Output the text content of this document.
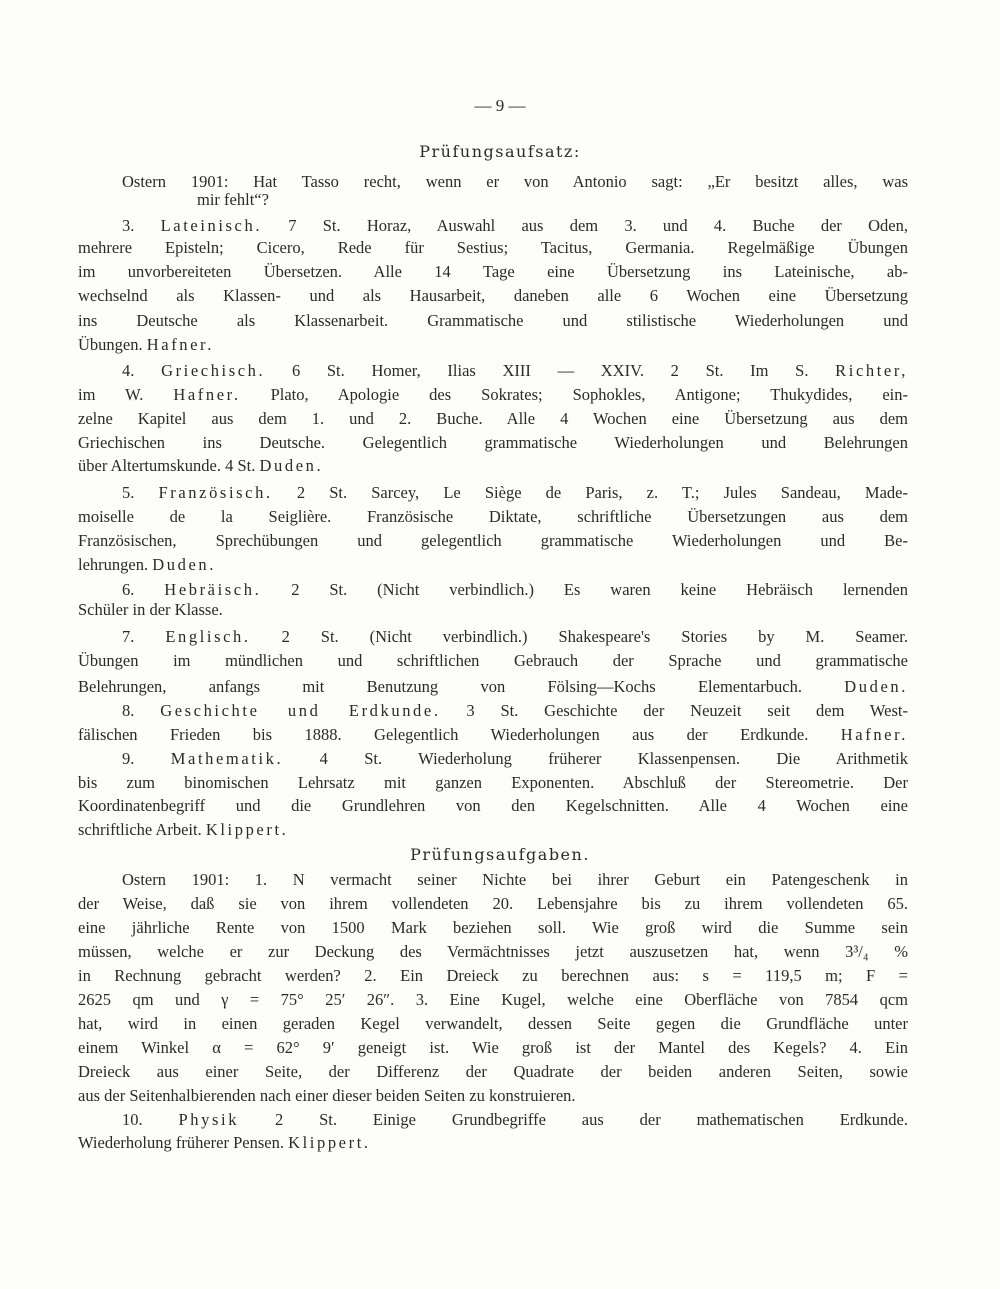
— 9 —
Prüfungsaufsatz:
Ostern 1901: Hat Tasso recht, wenn er von Antonio sagt: „Er besitzt alles, was
mir fehlt“?
3. Lateinisch. 7 St. Horaz, Auswahl aus dem 3. und 4. Buche der Oden,
mehrere Episteln; Cicero, Rede für Sestius; Tacitus, Germania. Regelmäßige Übungen
im unvorbereiteten Übersetzen. Alle 14 Tage eine Übersetzung ins Lateinische, ab-
wechselnd als Klassen- und als Hausarbeit, daneben alle 6 Wochen eine Übersetzung
ins Deutsche als Klassenarbeit. Grammatische und stilistische Wiederholungen und
Übungen. Hafner.
4. Griechisch. 6 St. Homer, Ilias XIII — XXIV. 2 St. Im S. Richter,
im W. Hafner. Plato, Apologie des Sokrates; Sophokles, Antigone; Thukydides, ein-
zelne Kapitel aus dem 1. und 2. Buche. Alle 4 Wochen eine Übersetzung aus dem
Griechischen ins Deutsche. Gelegentlich grammatische Wiederholungen und Belehrungen
über Altertumskunde. 4 St. Duden.
5. Französisch. 2 St. Sarcey, Le Siège de Paris, z. T.; Jules Sandeau, Made-
moiselle de la Seiglière. Französische Diktate, schriftliche Übersetzungen aus dem
Französischen, Sprechübungen und gelegentlich grammatische Wiederholungen und Be-
lehrungen. Duden.
6. Hebräisch. 2 St. (Nicht verbindlich.) Es waren keine Hebräisch lernenden
Schüler in der Klasse.
7. Englisch. 2 St. (Nicht verbindlich.) Shakespeare's Stories by M. Seamer.
Übungen im mündlichen und schriftlichen Gebrauch der Sprache und grammatische
Belehrungen, anfangs mit Benutzung von Fölsing—Kochs Elementarbuch. Duden.
8. Geschichte und Erdkunde. 3 St. Geschichte der Neuzeit seit dem West-
fälischen Frieden bis 1888. Gelegentlich Wiederholungen aus der Erdkunde. Hafner.
9. Mathematik. 4 St. Wiederholung früherer Klassenpensen. Die Arithmetik
bis zum binomischen Lehrsatz mit ganzen Exponenten. Abschluß der Stereometrie. Der
Koordinatenbegriff und die Grundlehren von den Kegelschnitten. Alle 4 Wochen eine
schriftliche Arbeit. Klippert.
Prüfungsaufgaben.
Ostern 1901: 1. N vermacht seiner Nichte bei ihrer Geburt ein Patengeschenk in
der Weise, daß sie von ihrem vollendeten 20. Lebensjahre bis zu ihrem vollendeten 65.
eine jährliche Rente von 1500 Mark beziehen soll. Wie groß wird die Summe sein
müssen, welche er zur Deckung des Vermächtnisses jetzt auszusetzen hat, wenn 3³/₄ %
in Rechnung gebracht werden? 2. Ein Dreieck zu berechnen aus: s = 119,5 m; F =
2625 qm und γ = 75° 25′ 26″. 3. Eine Kugel, welche eine Oberfläche von 7854 qcm
hat, wird in einen geraden Kegel verwandelt, dessen Seite gegen die Grundfläche unter
einem Winkel α = 62° 9′ geneigt ist. Wie groß ist der Mantel des Kegels? 4. Ein
Dreieck aus einer Seite, der Differenz der Quadrate der beiden anderen Seiten, sowie
aus der Seitenhalbierenden nach einer dieser beiden Seiten zu konstruieren.
10. Physik 2 St. Einige Grundbegriffe aus der mathematischen Erdkunde.
Wiederholung früherer Pensen. Klippert.
